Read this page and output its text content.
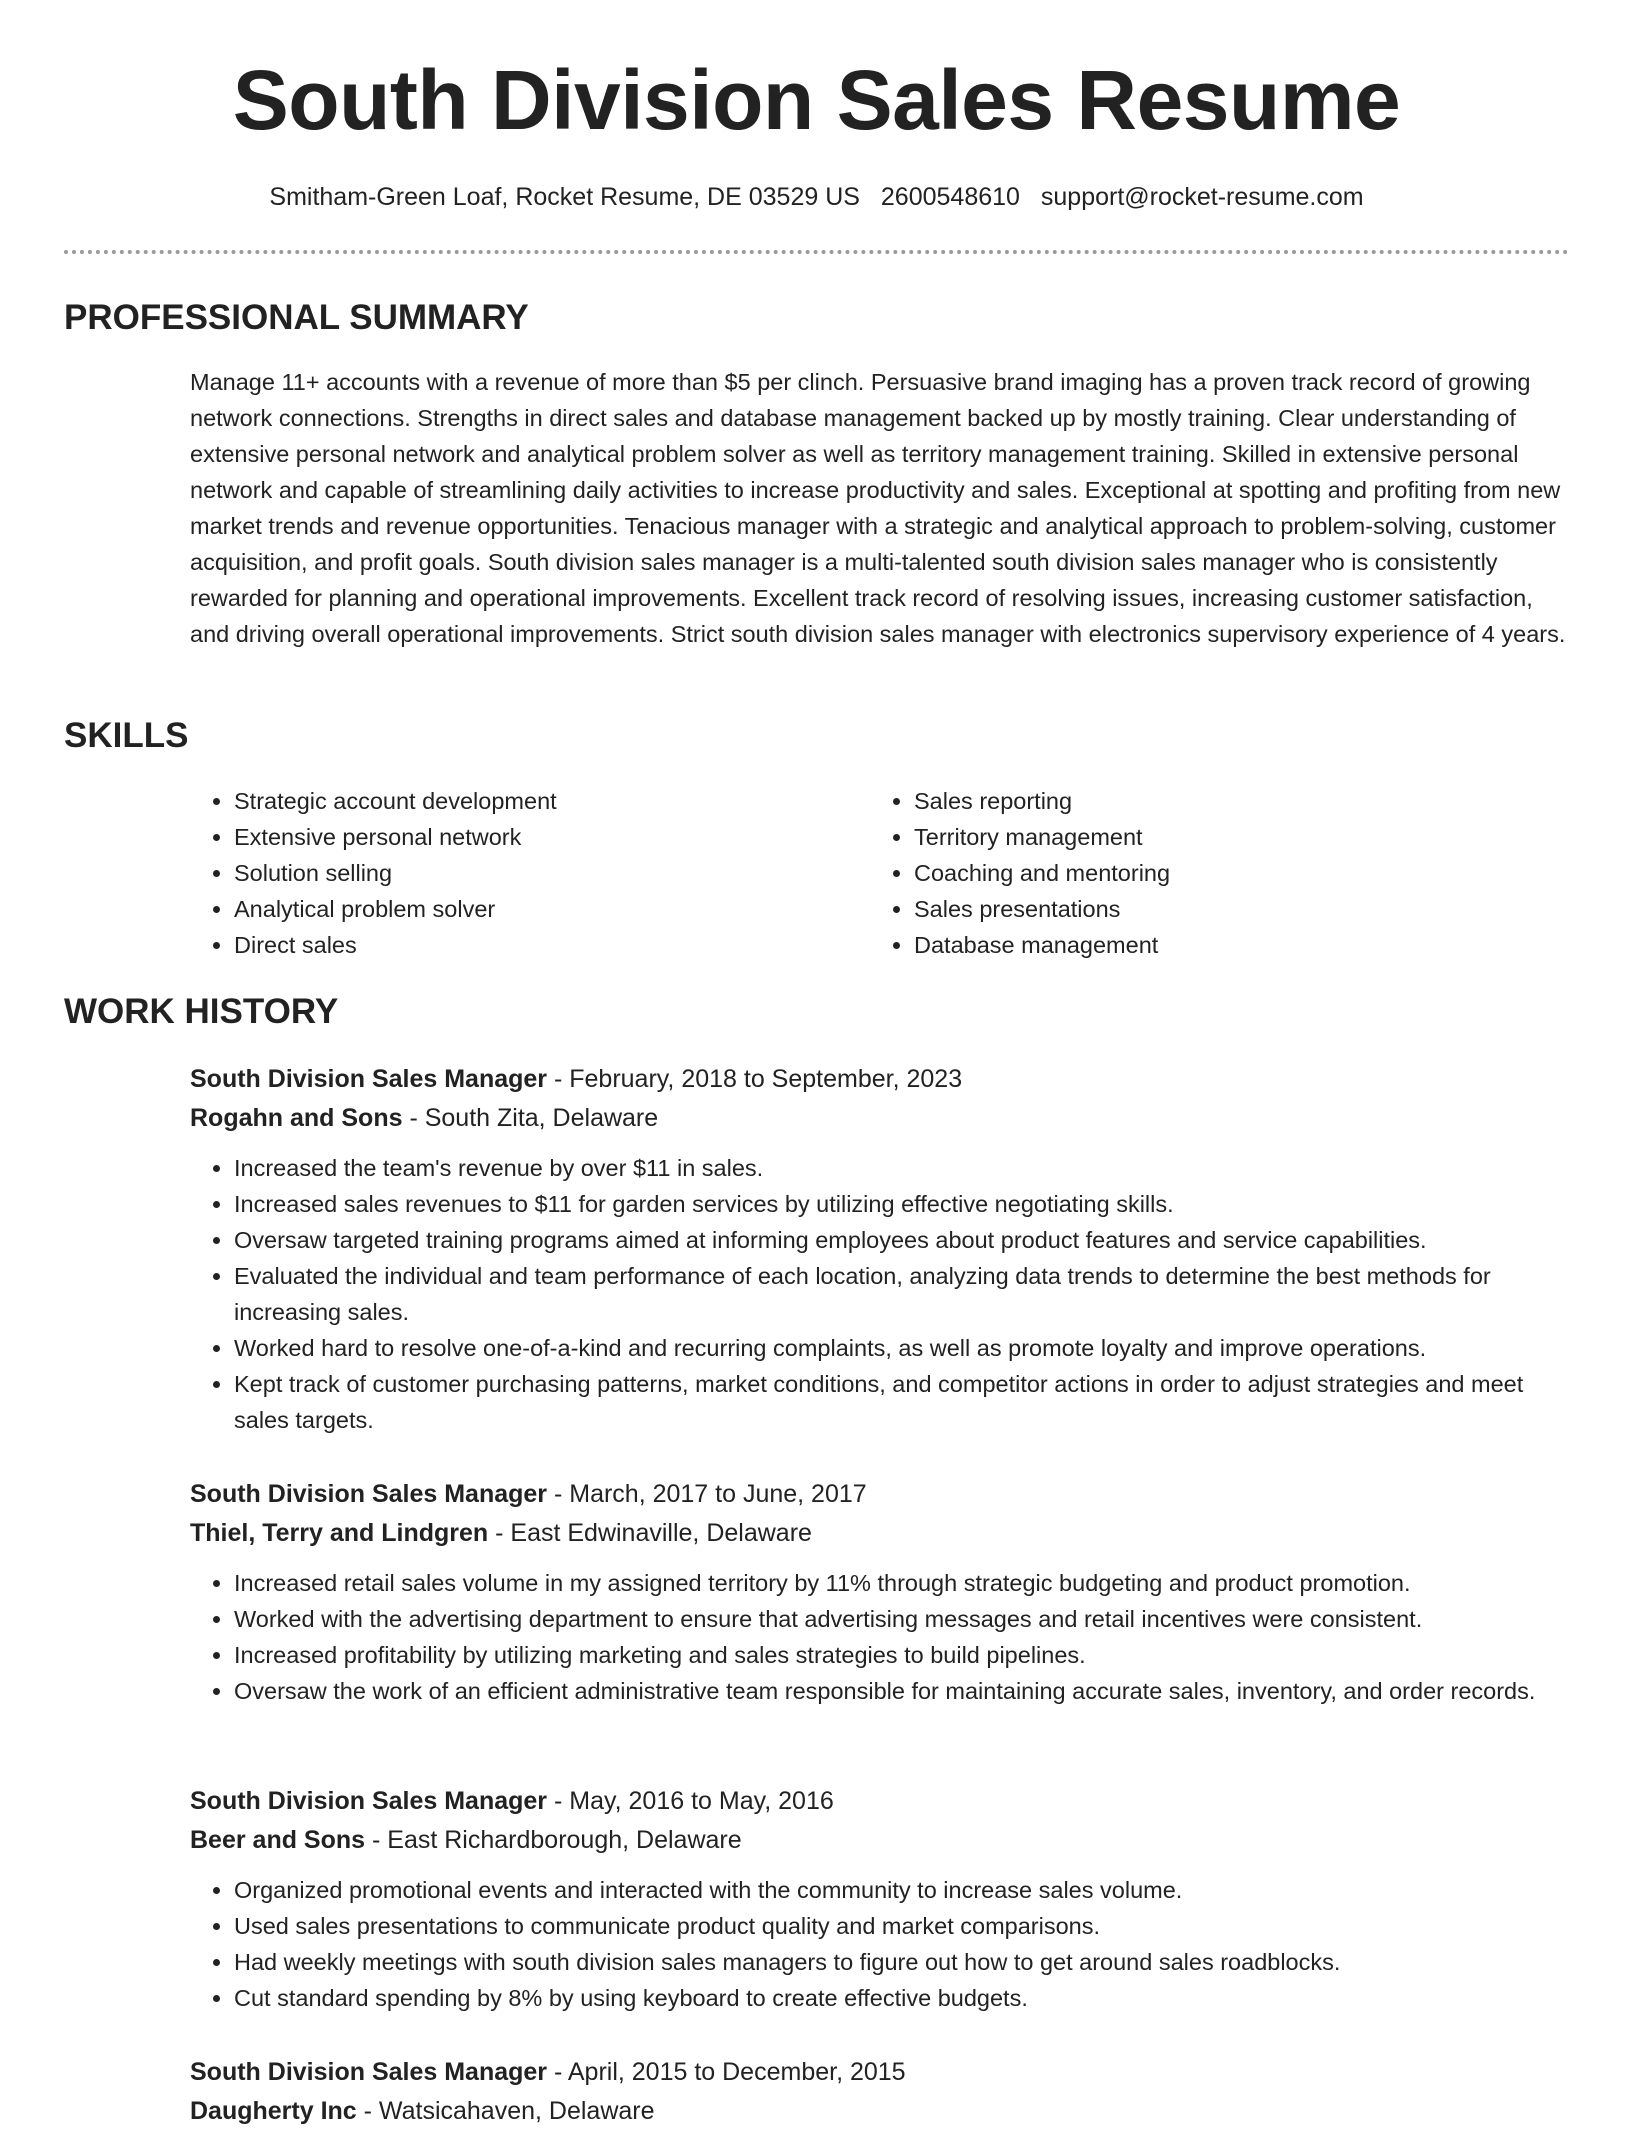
South Division Sales Resume
Smitham-Green Loaf, Rocket Resume, DE 03529 US 2600548610 support@rocket-resume.com
PROFESSIONAL SUMMARY

Manage 11+ accounts with a revenue of more than $5 per clinch. Persuasive brand imaging has a proven track record of growing network connections. Strengths in direct sales and database management backed up by mostly training. Clear understanding of extensive personal network and analytical problem solver as well as territory management training. Skilled in extensive personal network and capable of streamlining daily activities to increase productivity and sales. Exceptional at spotting and profiting from new market trends and revenue opportunities. Tenacious manager with a strategic and analytical approach to problem-solving, customer acquisition, and profit goals. South division sales manager is a multi-talented south division sales manager who is consistently rewarded for planning and operational improvements. Excellent track record of resolving issues, increasing customer satisfaction, and driving overall operational improvements. Strict south division sales manager with electronics supervisory experience of 4 years.

SKILLS
• Strategic account development
• Extensive personal network
• Solution selling
• Analytical problem solver
• Direct sales
• Sales reporting
• Territory management
• Coaching and mentoring
• Sales presentations
• Database management
WORK HISTORY
South Division Sales Manager - February, 2018 to September, 2023
Rogahn and Sons - South Zita, Delaware
• Increased the team's revenue by over $11 in sales.
• Increased sales revenues to $11 for garden services by utilizing effective negotiating skills.
• Oversaw targeted training programs aimed at informing employees about product features and service capabilities.
• Evaluated the individual and team performance of each location, analyzing data trends to determine the best methods for increasing sales.
• Worked hard to resolve one-of-a-kind and recurring complaints, as well as promote loyalty and improve operations.
• Kept track of customer purchasing patterns, market conditions, and competitor actions in order to adjust strategies and meet sales targets.
South Division Sales Manager - March, 2017 to June, 2017
Thiel, Terry and Lindgren - East Edwinaville, Delaware
• Increased retail sales volume in my assigned territory by 11% through strategic budgeting and product promotion.
• Worked with the advertising department to ensure that advertising messages and retail incentives were consistent.
• Increased profitability by utilizing marketing and sales strategies to build pipelines.
• Oversaw the work of an efficient administrative team responsible for maintaining accurate sales, inventory, and order records.
South Division Sales Manager - May, 2016 to May, 2016
Beer and Sons - East Richardborough, Delaware
• Organized promotional events and interacted with the community to increase sales volume.
• Used sales presentations to communicate product quality and market comparisons.
• Had weekly meetings with south division sales managers to figure out how to get around sales roadblocks.
• Cut standard spending by 8% by using keyboard to create effective budgets.
South Division Sales Manager - April, 2015 to December, 2015
Daugherty Inc - Watsicahaven, Delaware
